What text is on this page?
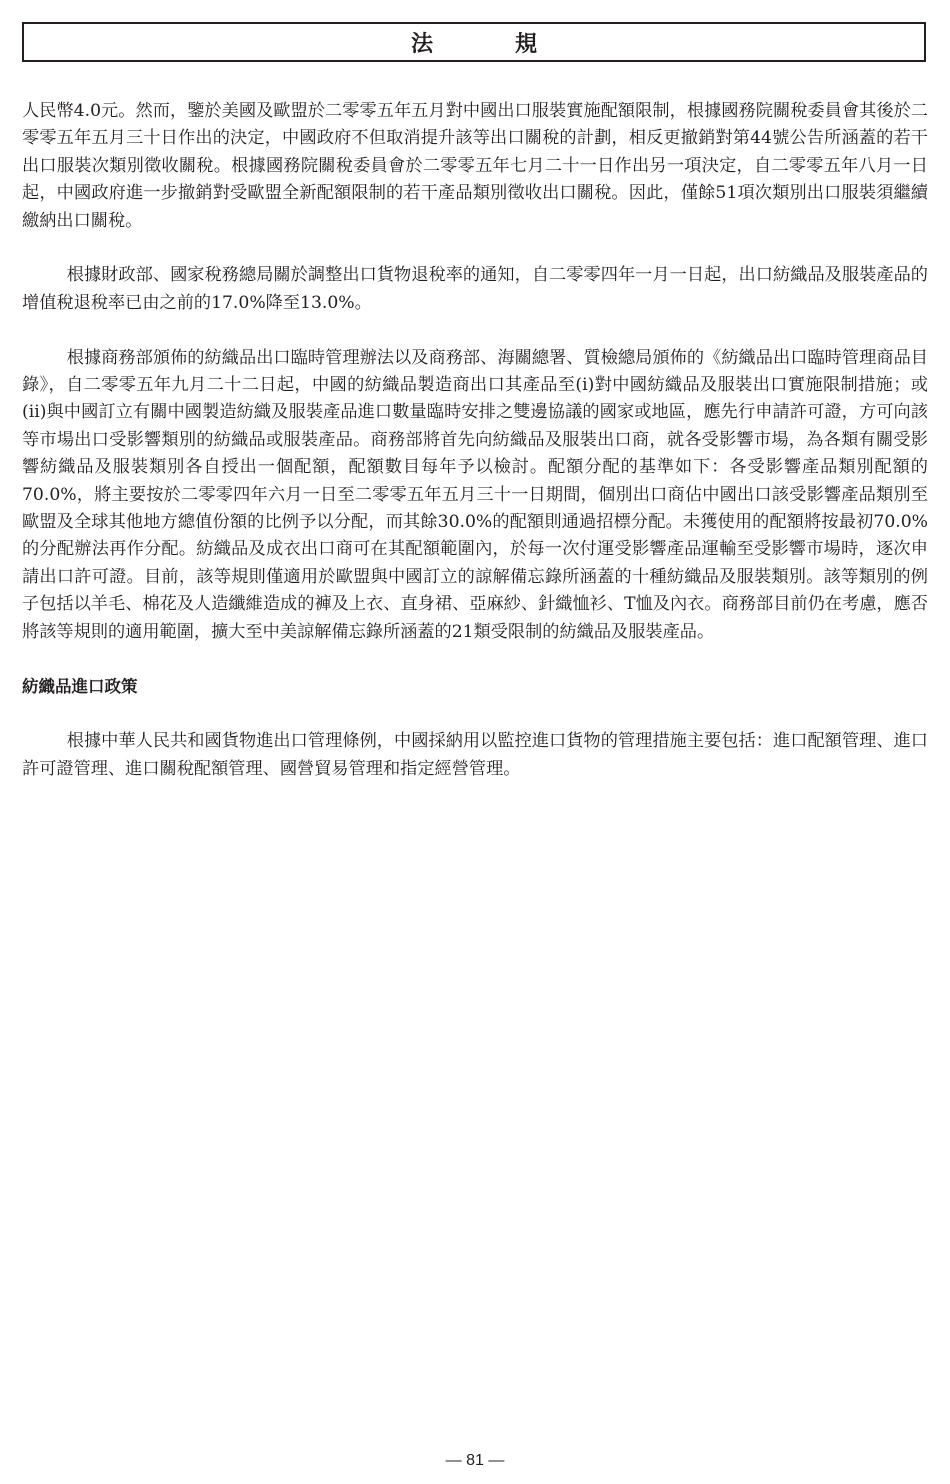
法　規

人民幣4.0元。然而，鑒於美國及歐盟於二零零五年五月對中國出口服裝實施配額限制，根據國務院關稅委員會其後於二零零五年五月三十日作出的決定，中國政府不但取消提升該等出口關稅的計劃，相反更撤銷對第44號公告所涵蓋的若干出口服裝次類別徵收關稅。根據國務院關稅委員會於二零零五年七月二十一日作出另一項決定，自二零零五年八月一日起，中國政府進一步撤銷對受歐盟全新配額限制的若干產品類別徵收出口關稅。因此，僅餘51項次類別出口服裝須繼續繳納出口關稅。

根據財政部、國家稅務總局關於調整出口貨物退稅率的通知，自二零零四年一月一日起，出口紡織品及服裝產品的增值稅退稅率已由之前的17.0%降至13.0%。

根據商務部頒佈的紡織品出口臨時管理辦法以及商務部、海關總署、質檢總局頒佈的《紡織品出口臨時管理商品目錄》，自二零零五年九月二十二日起，中國的紡織品製造商出口其產品至(i)對中國紡織品及服裝出口實施限制措施；或(ii)與中國訂立有關中國製造紡織及服裝產品進口數量臨時安排之雙邊協議的國家或地區，應先行申請許可證，方可向該等市場出口受影響類別的紡織品或服裝產品。商務部將首先向紡織品及服裝出口商，就各受影響市場，為各類有關受影響紡織品及服裝類別各自授出一個配額，配額數目每年予以檢討。配額分配的基準如下：各受影響產品類別配額的70.0%，將主要按於二零零四年六月一日至二零零五年五月三十一日期間，個別出口商佔中國出口該受影響產品類別至歐盟及全球其他地方總值份額的比例予以分配，而其餘30.0%的配額則通過招標分配。未獲使用的配額將按最初70.0%的分配辦法再作分配。紡織品及成衣出口商可在其配額範圍內，於每一次付運受影響產品運輸至受影響市場時，逐次申請出口許可證。目前，該等規則僅適用於歐盟與中國訂立的諒解備忘錄所涵蓋的十種紡織品及服裝類別。該等類別的例子包括以羊毛、棉花及人造纖維造成的褲及上衣、直身裙、亞麻紗、針織恤衫、T恤及內衣。商務部目前仍在考慮，應否將該等規則的適用範圍，擴大至中美諒解備忘錄所涵蓋的21類受限制的紡織品及服裝產品。

紡織品進口政策

根據中華人民共和國貨物進出口管理條例，中國採納用以監控進口貨物的管理措施主要包括：進口配額管理、進口許可證管理、進口關稅配額管理、國營貿易管理和指定經營管理。

— 81 —
